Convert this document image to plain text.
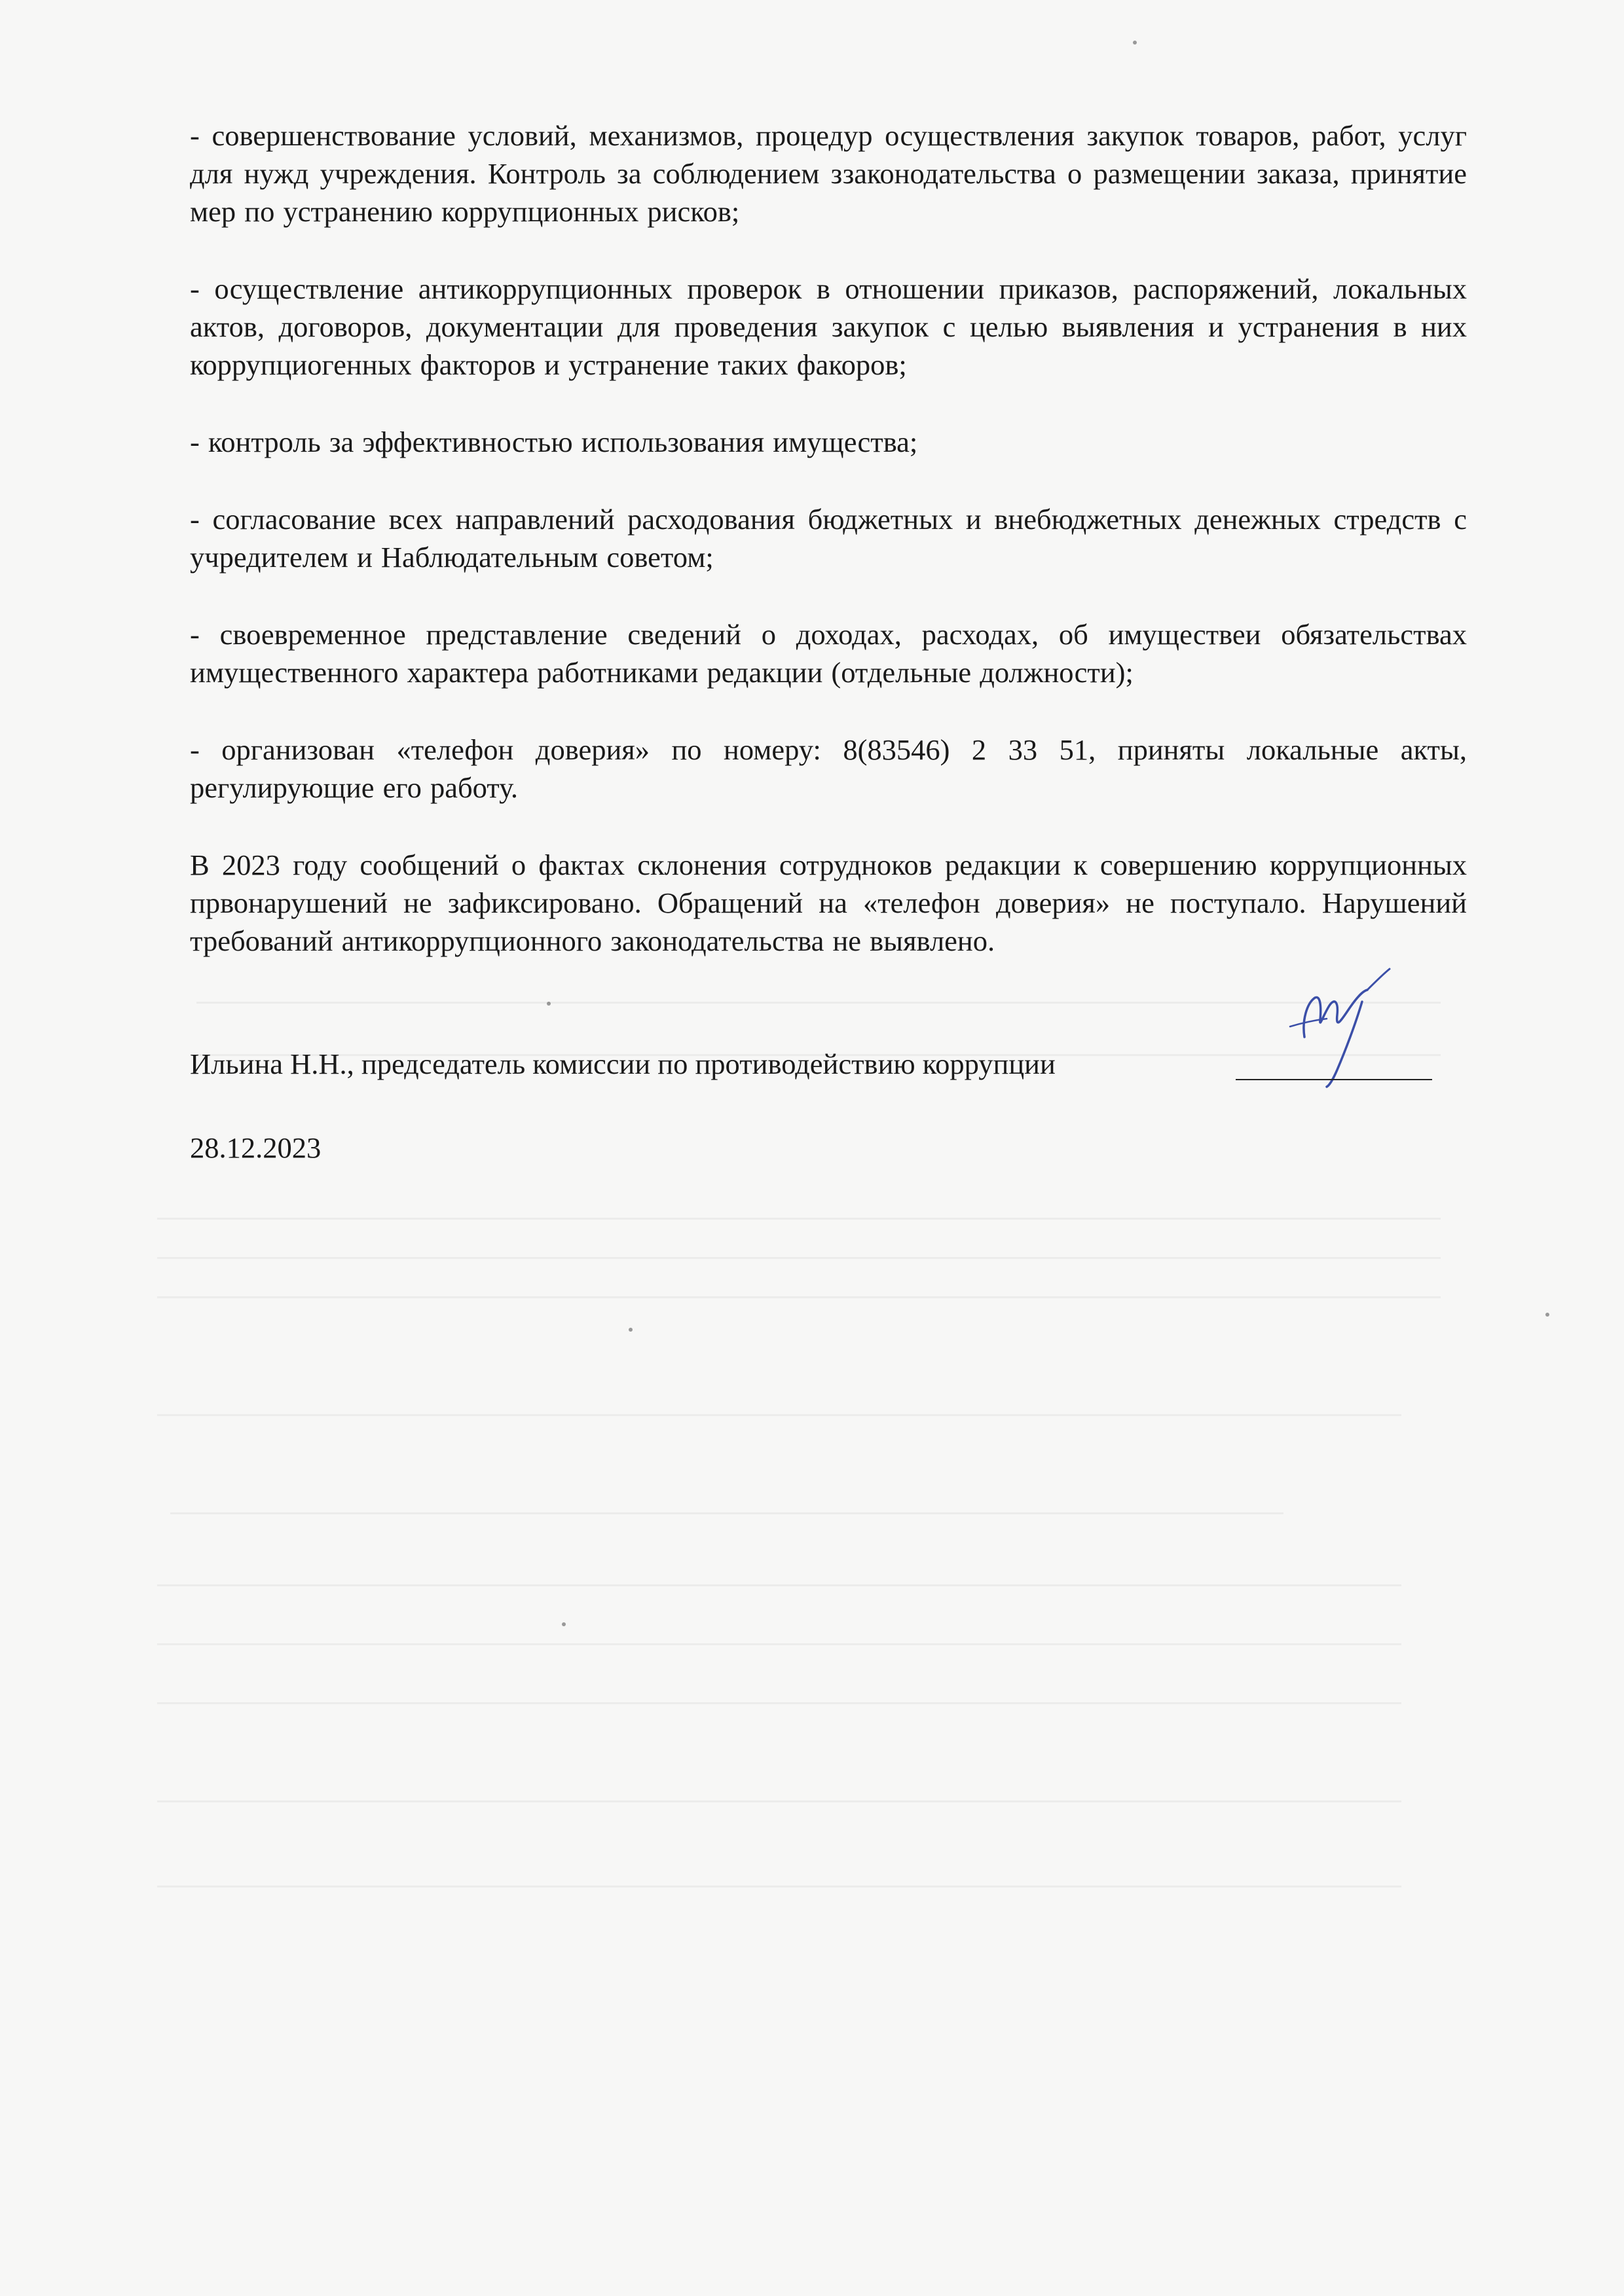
- совершенствование условий, механизмов, процедур осуществления закупок товаров, работ, услуг для нужд учреждения. Контроль за соблюдением ззаконодательства о размещении заказа, принятие мер по устранению коррупционных рисков;

- осуществление антикоррупционных проверок в отношении приказов, распоряжений, локальных актов, договоров, документации для проведения закупок с целью выявления и устранения в них коррупциогенных факторов и устранение таких факоров;

- контроль за эффективностью использования имущества;

- согласование всех направлений расходования бюджетных и внебюджетных денежных стредств с учредителем и Наблюдательным советом;

- своевременное представление сведений о доходах, расходах, об имуществеи обязательствах имущественного характера работниками редакции (отдельные должности);

- организован «телефон доверия» по номеру: 8(83546) 2 33 51, приняты локальные акты, регулирующие его работу.

В 2023 году сообщений о фактах склонения сотрудноков редакции к совершению коррупционных првонарушений не зафиксировано. Обращений на «телефон доверия» не поступало. Нарушений требований антикоррупционного законодательства не выявлено.

Ильина Н.Н., председатель комиссии по противодействию коррупции
28.12.2023
